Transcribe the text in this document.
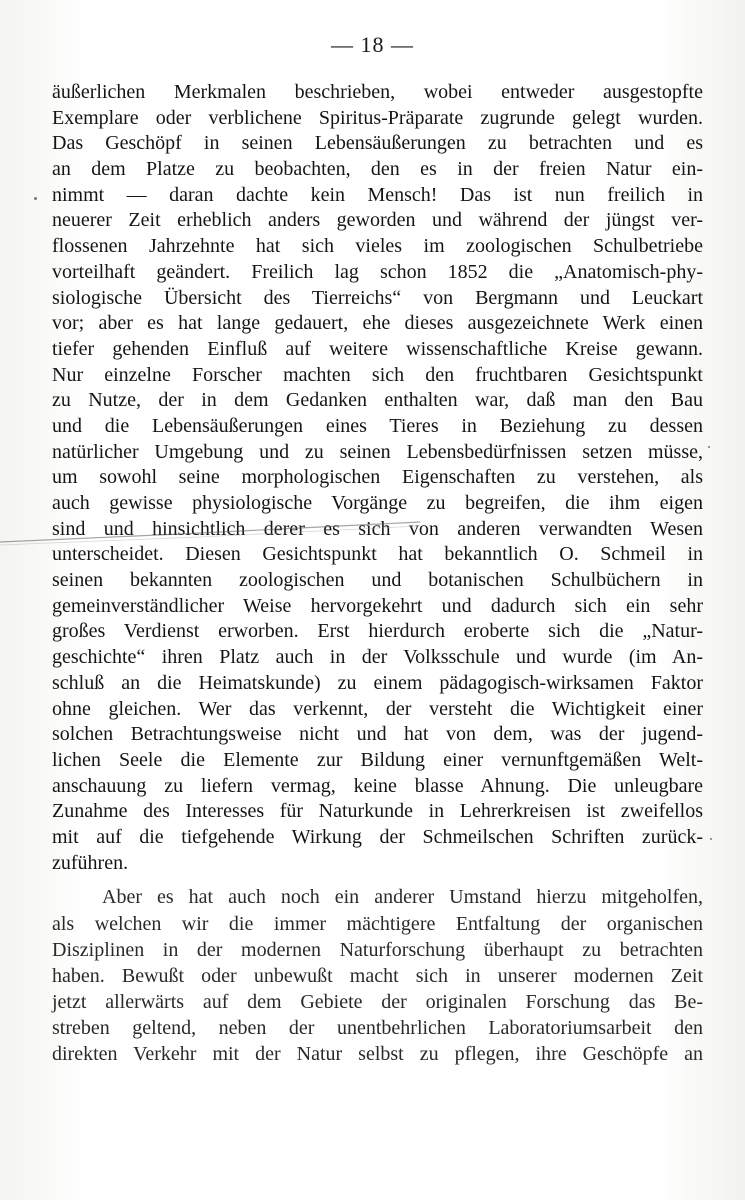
— 18 —
äußerlichen Merkmalen beschrieben, wobei entweder ausgestopfte
Exemplare oder verblichene Spiritus-Präparate zugrunde gelegt wurden.
Das Geschöpf in seinen Lebensäußerungen zu betrachten und es
an dem Platze zu beobachten, den es in der freien Natur ein-
nimmt — daran dachte kein Mensch! Das ist nun freilich in
neuerer Zeit erheblich anders geworden und während der jüngst ver-
flossenen Jahrzehnte hat sich vieles im zoologischen Schulbetriebe
vorteilhaft geändert. Freilich lag schon 1852 die „Anatomisch-phy-
siologische Übersicht des Tierreichs“ von Bergmann und Leuckart
vor; aber es hat lange gedauert, ehe dieses ausgezeichnete Werk einen
tiefer gehenden Einfluß auf weitere wissenschaftliche Kreise gewann.
Nur einzelne Forscher machten sich den fruchtbaren Gesichtspunkt
zu Nutze, der in dem Gedanken enthalten war, daß man den Bau
und die Lebensäußerungen eines Tieres in Beziehung zu dessen
natürlicher Umgebung und zu seinen Lebensbedürfnissen setzen müsse,
um sowohl seine morphologischen Eigenschaften zu verstehen, als
auch gewisse physiologische Vorgänge zu begreifen, die ihm eigen
sind und hinsichtlich derer es sich von anderen verwandten Wesen
unterscheidet. Diesen Gesichtspunkt hat bekanntlich O. Schmeil in
seinen bekannten zoologischen und botanischen Schulbüchern in
gemeinverständlicher Weise hervorgekehrt und dadurch sich ein sehr
großes Verdienst erworben. Erst hierdurch eroberte sich die „Natur-
geschichte“ ihren Platz auch in der Volksschule und wurde (im An-
schluß an die Heimatskunde) zu einem pädagogisch-wirksamen Faktor
ohne gleichen. Wer das verkennt, der versteht die Wichtigkeit einer
solchen Betrachtungsweise nicht und hat von dem, was der jugend-
lichen Seele die Elemente zur Bildung einer vernunftgemäßen Welt-
anschauung zu liefern vermag, keine blasse Ahnung. Die unleugbare
Zunahme des Interesses für Naturkunde in Lehrerkreisen ist zweifellos
mit auf die tiefgehende Wirkung der Schmeilschen Schriften zurück-
zuführen.
Aber es hat auch noch ein anderer Umstand hierzu mitgeholfen,
als welchen wir die immer mächtigere Entfaltung der organischen
Disziplinen in der modernen Naturforschung überhaupt zu betrachten
haben. Bewußt oder unbewußt macht sich in unserer modernen Zeit
jetzt allerwärts auf dem Gebiete der originalen Forschung das Be-
streben geltend, neben der unentbehrlichen Laboratoriumsarbeit den
direkten Verkehr mit der Natur selbst zu pflegen, ihre Geschöpfe an
